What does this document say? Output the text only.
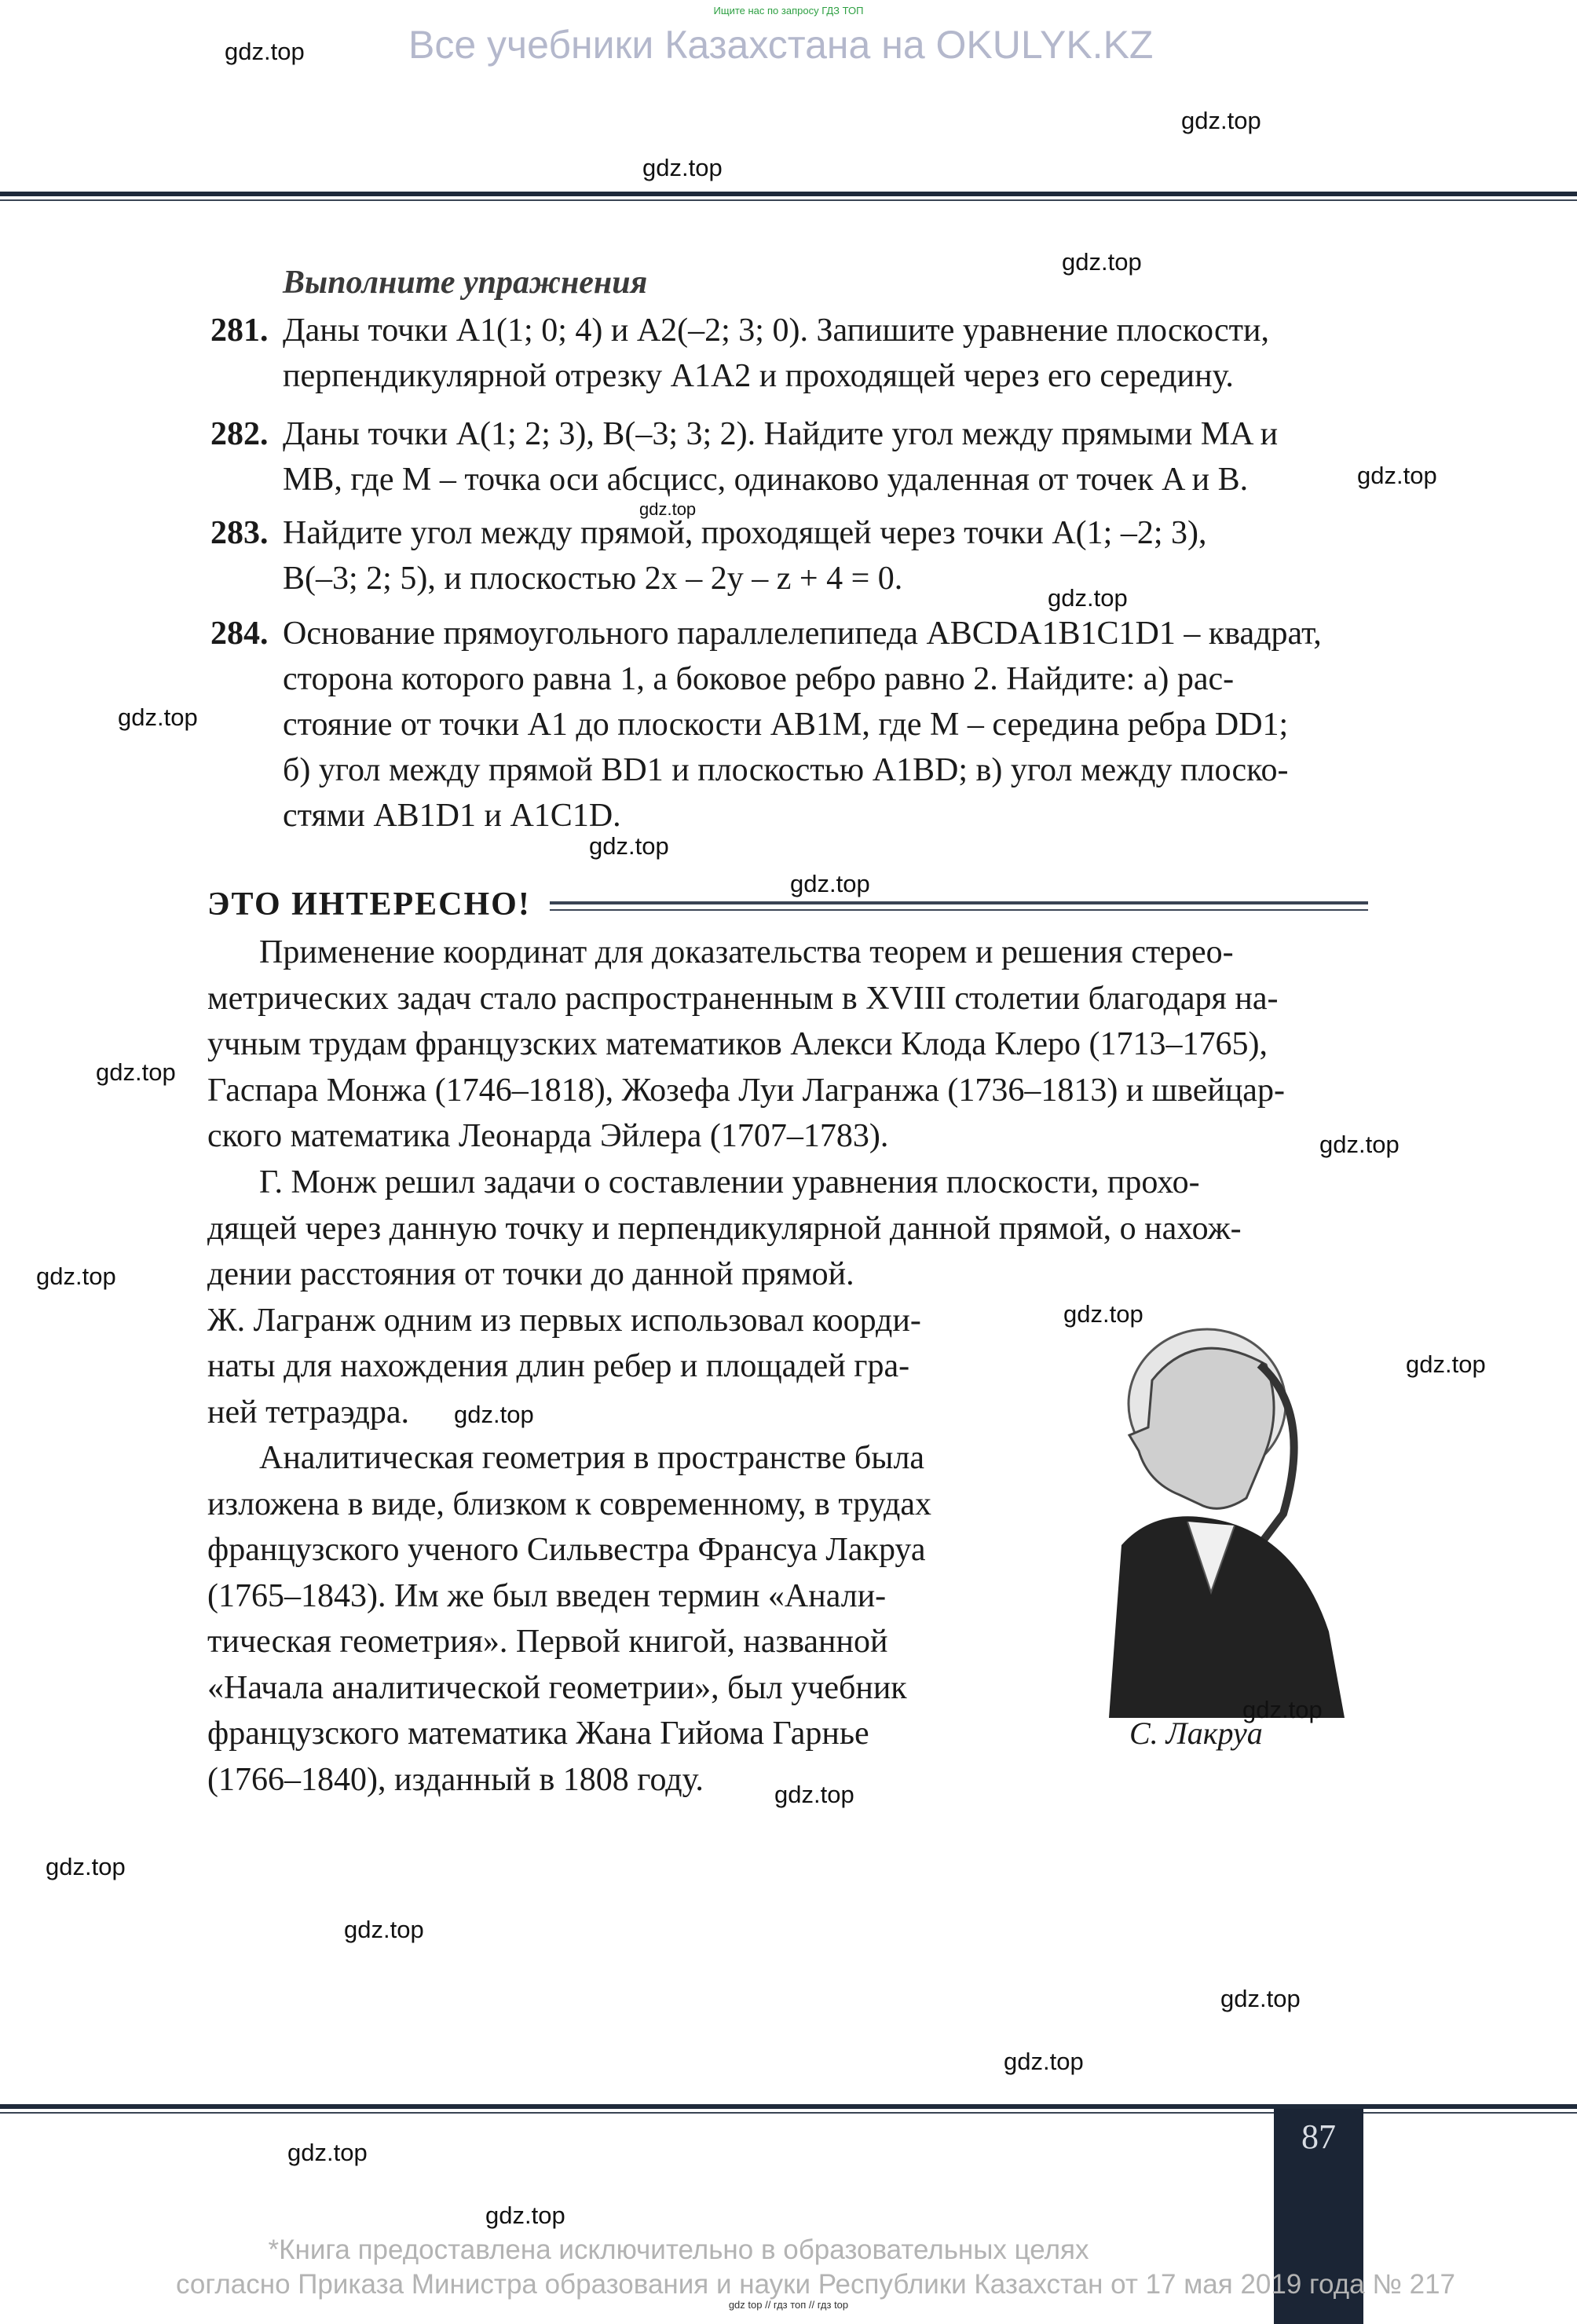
Ищите нас по запросу ГДЗ ТОП
Все учебники Казахстана на OKULYK.KZ
Выполните упражнения
281. Даны точки A1(1; 0; 4) и A2(–2; 3; 0). Запишите уравнение плоскости,
перпендикулярной отрезку A1A2 и проходящей через его середину.
282. Даны точки A(1; 2; 3), B(–3; 3; 2). Найдите угол между прямыми MA и
MB, где M – точка оси абсцисс, одинаково удаленная от точек A и B.
283. Найдите угол между прямой, проходящей через точки A(1; –2; 3),
B(–3; 2; 5), и плоскостью 2x – 2y – z + 4 = 0.
284. Основание прямоугольного параллелепипеда ABCDA1B1C1D1 – квадрат,
сторона которого равна 1, а боковое ребро равно 2. Найдите: а) рас-
стояние от точки A1 до плоскости AB1M, где M – середина ребра DD1;
б) угол между прямой BD1 и плоскостью A1BD; в) угол между плоско-
стями AB1D1 и A1C1D.
ЭТО ИНТЕРЕСНО!
Применение координат для доказательства теорем и решения стерео-
метрических задач стало распространенным в XVIII столетии благодаря на-
учным трудам французских математиков Алекси Клода Клеро (1713–1765),
Гаспара Монжа (1746–1818), Жозефа Луи Лагранжа (1736–1813) и швейцар-
ского математика Леонарда Эйлера (1707–1783).
Г. Монж решил задачи о составлении уравнения плоскости, прохо-
дящей через данную точку и перпендикулярной данной прямой, о нахож-
дении расстояния от точки до данной прямой.
Ж. Лагранж одним из первых использовал коорди-
наты для нахождения длин ребер и площадей гра-
ней тетраэдра.
Аналитическая геометрия в пространстве была
изложена в виде, близком к современному, в трудах
французского ученого Сильвестра Франсуа Лакруа
(1765–1843). Им же был введен термин «Анали-
тическая геометрия». Первой книгой, названной
«Начала аналитической геометрии», был учебник
французского математика Жана Гийома Гарнье
(1766–1840), изданный в 1808 году.
С. Лакруа
87
*Книга предоставлена исключительно в образовательных целях
согласно Приказа Министра образования и науки Республики Казахстан от 17 мая 2019 года № 217
gdz top // гдз топ // гдз top
gdz.top
gdz.top
gdz.top
gdz.top
gdz.top
gdz.top
gdz.top
gdz.top
gdz.top
gdz.top
gdz.top
gdz.top
gdz.top
gdz.top
gdz.top
gdz.top
gdz.top
gdz.top
gdz.top
gdz.top
gdz.top
gdz.top
gdz.top
gdz.top
